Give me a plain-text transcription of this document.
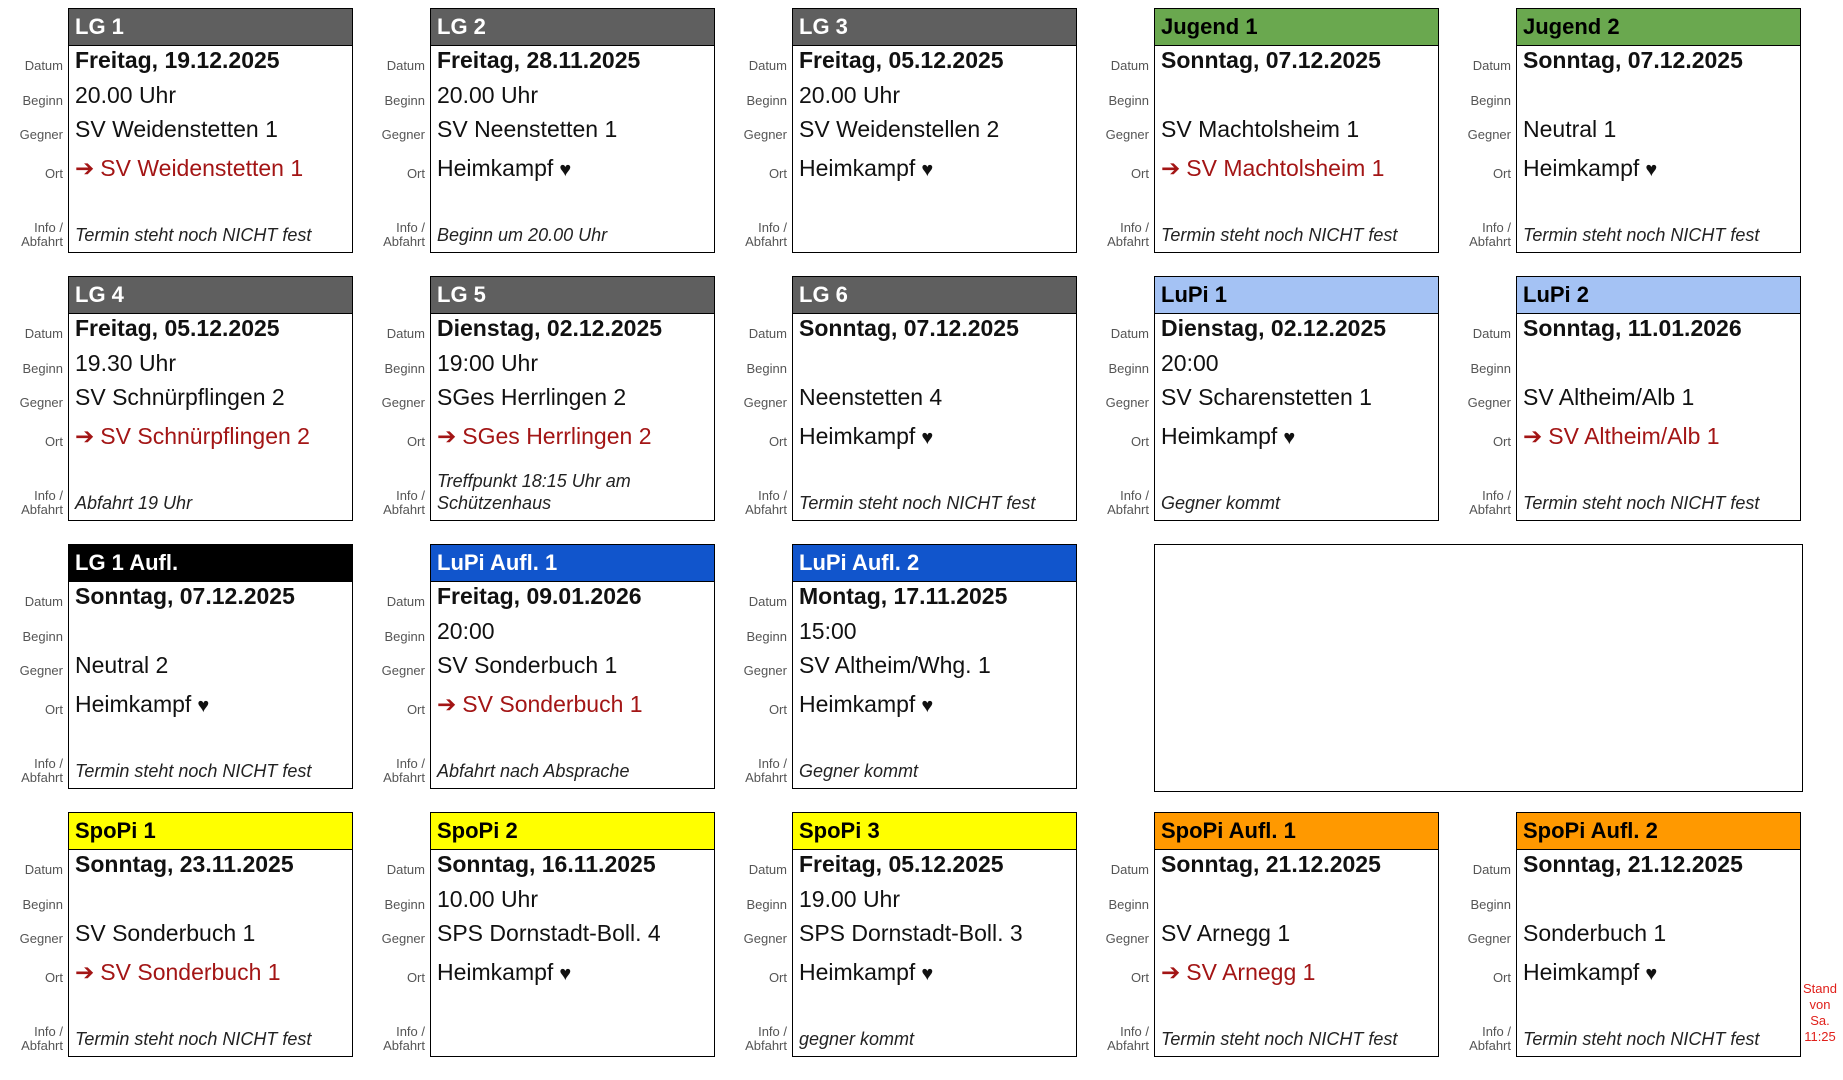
Stand
von
Sa.
11:25
Datum
Beginn
Gegner
Ort
Info /
Abfahrt
LG 1
Freitag, 19.12.2025
20.00 Uhr
SV Weidenstetten 1
➔ SV Weidenstetten 1
Termin steht noch NICHT fest
Datum
Beginn
Gegner
Ort
Info /
Abfahrt
LG 2
Freitag, 28.11.2025
20.00 Uhr
SV Neenstetten 1
Heimkampf ♥
Beginn um 20.00 Uhr
Datum
Beginn
Gegner
Ort
Info /
Abfahrt
LG 3
Freitag, 05.12.2025
20.00 Uhr
SV Weidenstellen 2
Heimkampf ♥
Datum
Beginn
Gegner
Ort
Info /
Abfahrt
Jugend 1
Sonntag, 07.12.2025
SV Machtolsheim 1
➔ SV Machtolsheim 1
Termin steht noch NICHT fest
Datum
Beginn
Gegner
Ort
Info /
Abfahrt
Jugend 2
Sonntag, 07.12.2025
Neutral 1
Heimkampf ♥
Termin steht noch NICHT fest
Datum
Beginn
Gegner
Ort
Info /
Abfahrt
LG 4
Freitag, 05.12.2025
19.30 Uhr
SV Schnürpflingen 2
➔ SV Schnürpflingen 2
Abfahrt 19 Uhr
Datum
Beginn
Gegner
Ort
Info /
Abfahrt
LG 5
Dienstag, 02.12.2025
19:00 Uhr
SGes Herrlingen 2
➔ SGes Herrlingen 2
Treffpunkt 18:15 Uhr am Schützenhaus
Datum
Beginn
Gegner
Ort
Info /
Abfahrt
LG 6
Sonntag, 07.12.2025
Neenstetten 4
Heimkampf ♥
Termin steht noch NICHT fest
Datum
Beginn
Gegner
Ort
Info /
Abfahrt
LuPi 1
Dienstag, 02.12.2025
20:00
SV Scharenstetten 1
Heimkampf ♥
Gegner kommt
Datum
Beginn
Gegner
Ort
Info /
Abfahrt
LuPi 2
Sonntag, 11.01.2026
SV Altheim/Alb 1
➔ SV Altheim/Alb 1
Termin steht noch NICHT fest
Datum
Beginn
Gegner
Ort
Info /
Abfahrt
LG 1 Aufl.
Sonntag, 07.12.2025
Neutral 2
Heimkampf ♥
Termin steht noch NICHT fest
Datum
Beginn
Gegner
Ort
Info /
Abfahrt
LuPi Aufl. 1
Freitag, 09.01.2026
20:00
SV Sonderbuch 1
➔ SV Sonderbuch 1
Abfahrt nach Absprache
Datum
Beginn
Gegner
Ort
Info /
Abfahrt
LuPi Aufl. 2
Montag, 17.11.2025
15:00
SV Altheim/Whg. 1
Heimkampf ♥
Gegner kommt
Datum
Beginn
Gegner
Ort
Info /
Abfahrt
SpoPi 1
Sonntag, 23.11.2025
SV Sonderbuch 1
➔ SV Sonderbuch 1
Termin steht noch NICHT fest
Datum
Beginn
Gegner
Ort
Info /
Abfahrt
SpoPi 2
Sonntag, 16.11.2025
10.00 Uhr
SPS Dornstadt-Boll. 4
Heimkampf ♥
Datum
Beginn
Gegner
Ort
Info /
Abfahrt
SpoPi 3
Freitag, 05.12.2025
19.00 Uhr
SPS Dornstadt-Boll. 3
Heimkampf ♥
gegner kommt
Datum
Beginn
Gegner
Ort
Info /
Abfahrt
SpoPi Aufl. 1
Sonntag, 21.12.2025
SV Arnegg 1
➔ SV Arnegg 1
Termin steht noch NICHT fest
Datum
Beginn
Gegner
Ort
Info /
Abfahrt
SpoPi Aufl. 2
Sonntag, 21.12.2025
Sonderbuch 1
Heimkampf ♥
Termin steht noch NICHT fest
